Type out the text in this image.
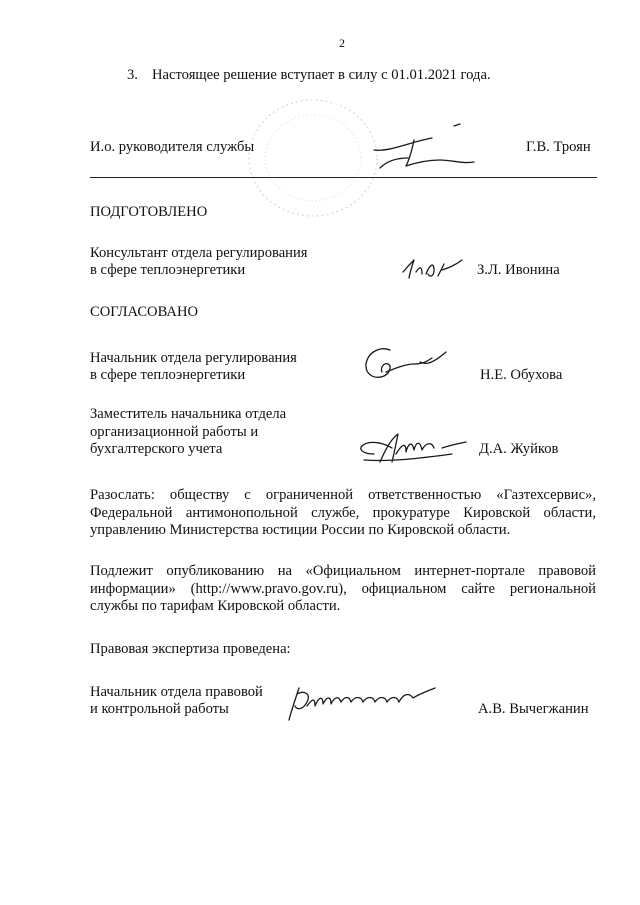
2
3. Настоящее решение вступает в силу с 01.01.2021 года.
И.о. руководителя службы	Г.В. Троян
ПОДГОТОВЛЕНО
Консультант отдела регулирования
в сфере теплоэнергетики	З.Л. Ивонина
СОГЛАСОВАНО
Начальник отдела регулирования
в сфере теплоэнергетики	Н.Е. Обухова
Заместитель начальника отдела
организационной работы и
бухгалтерского учета	Д.А. Жуйков
Разослать: обществу с ограниченной ответственностью «Газтехсервис»,
Федеральной антимонопольной службе, прокуратуре Кировской области,
управлению Министерства юстиции России по Кировской области.
Подлежит опубликованию на «Официальном интернет-портале правовой
информации» (http://www.pravo.gov.ru), официальном сайте региональной
службы по тарифам Кировской области.
Правовая экспертиза проведена:
Начальник отдела правовой
и контрольной работы	А.В. Вычегжанин
